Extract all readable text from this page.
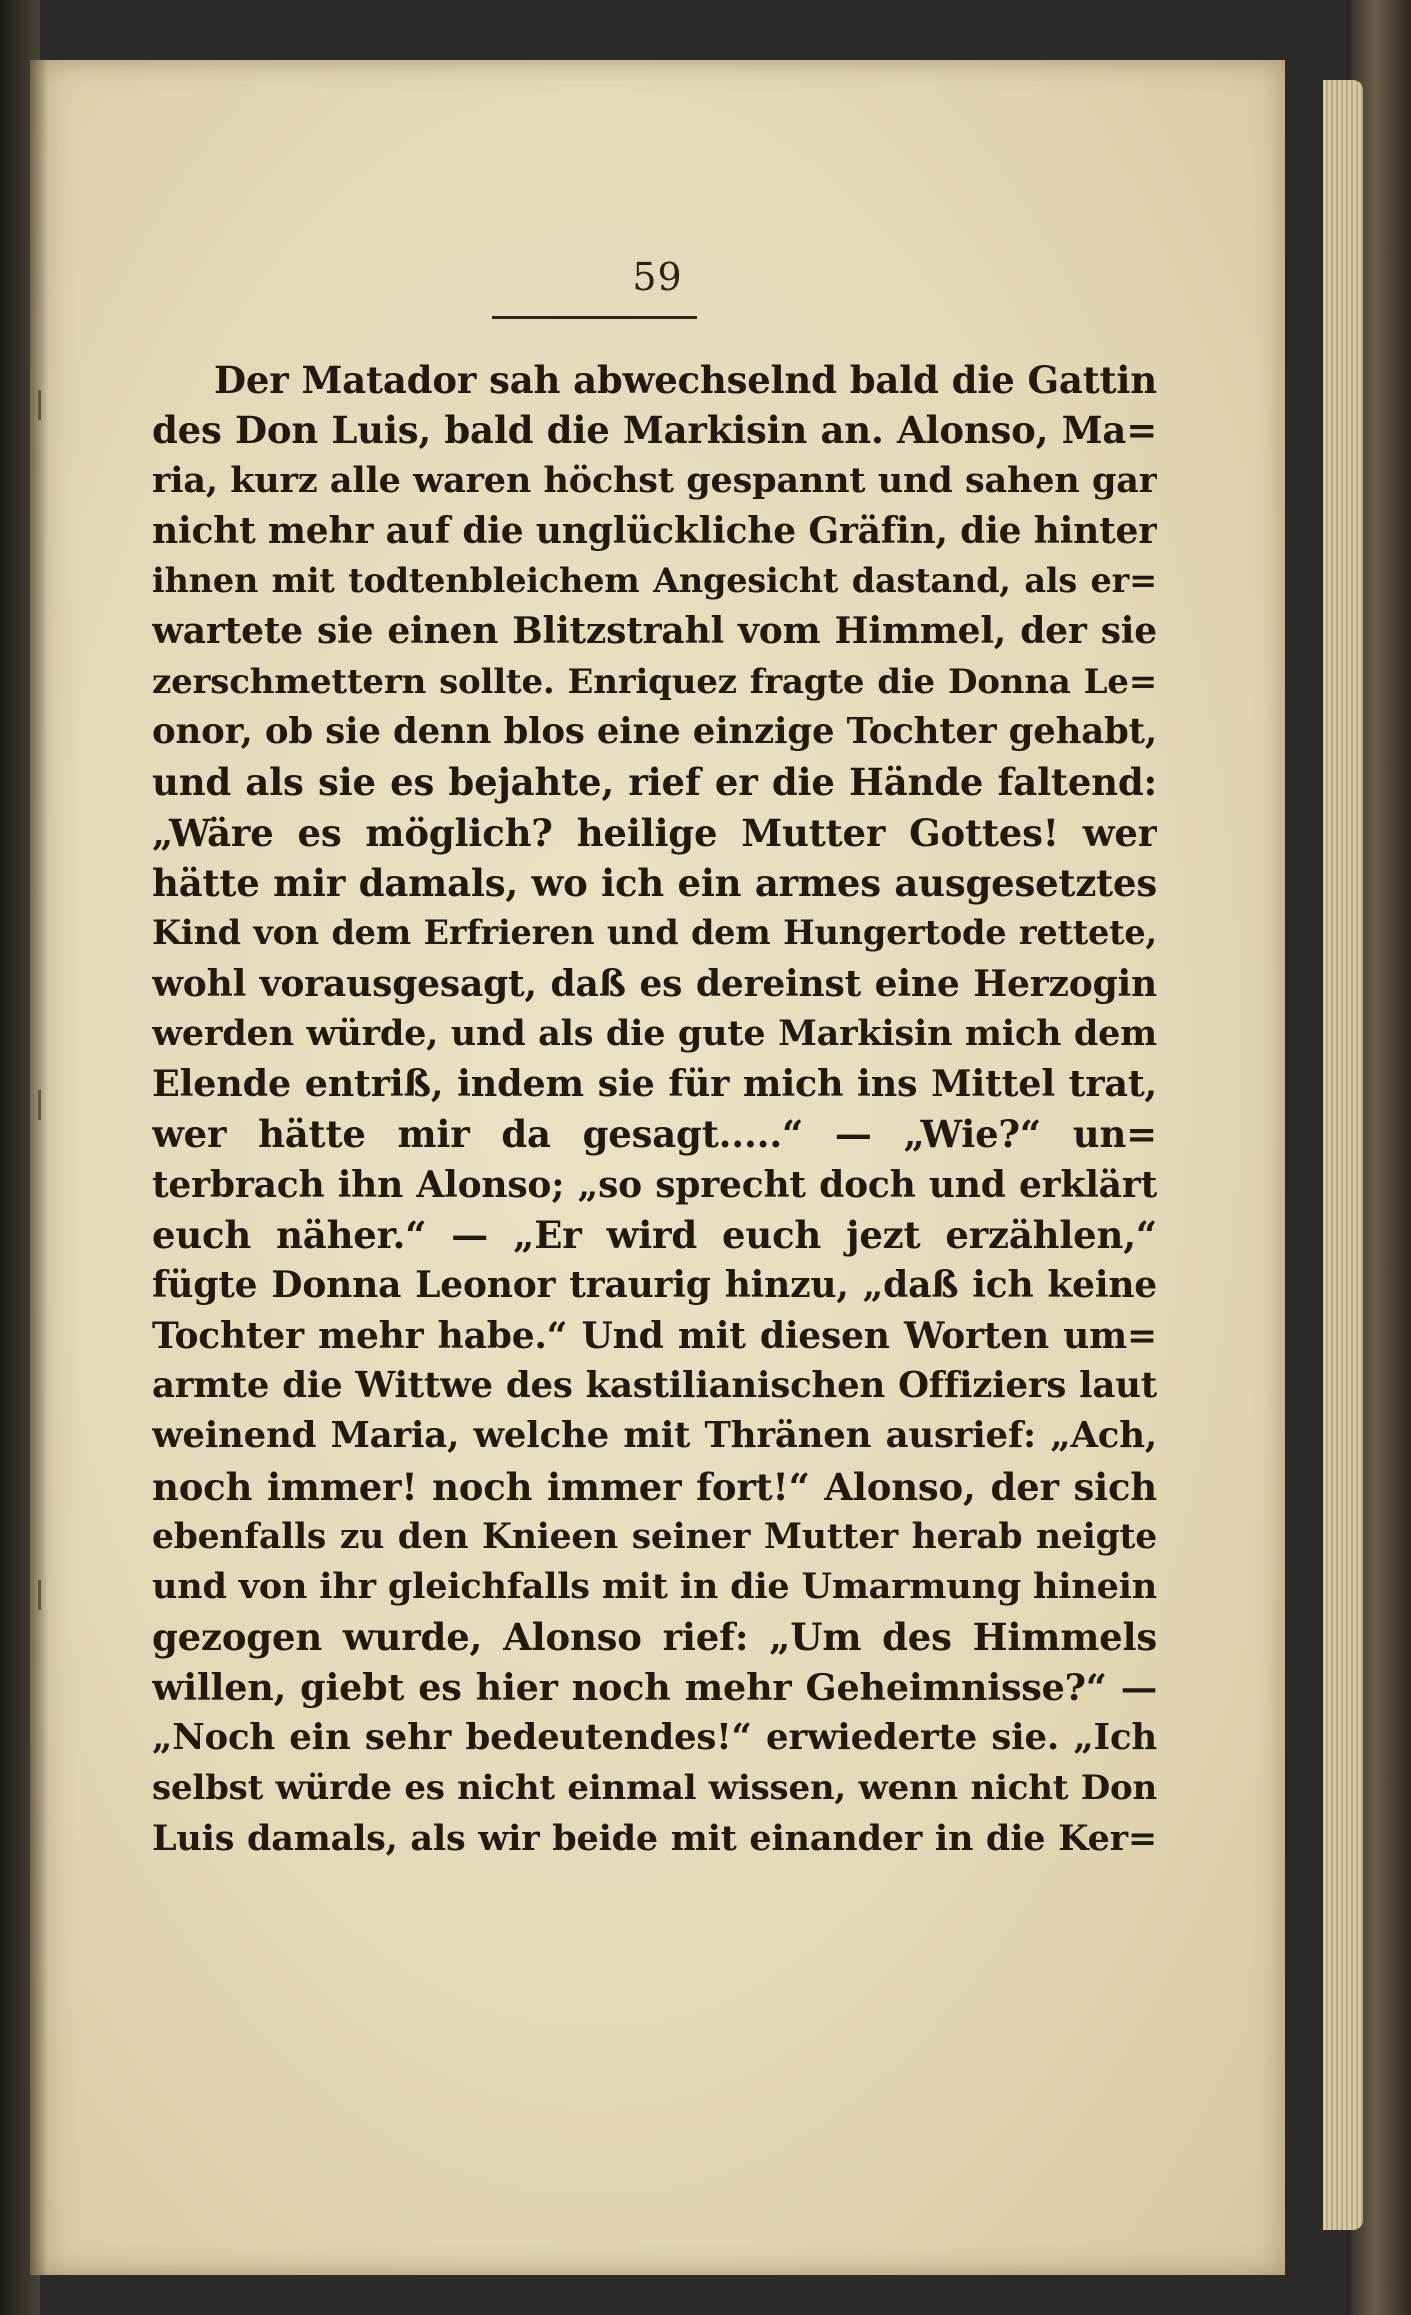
59
Der Matador sah abwechselnd bald die Gattin
des Don Luis, bald die Markisin an. Alonso, Ma=
ria, kurz alle waren höchst gespannt und sahen gar
nicht mehr auf die unglückliche Gräfin, die hinter
ihnen mit todtenbleichem Angesicht dastand, als er=
wartete sie einen Blitzstrahl vom Himmel, der sie
zerschmettern sollte. Enriquez fragte die Donna Le=
onor, ob sie denn blos eine einzige Tochter gehabt,
und als sie es bejahte, rief er die Hände faltend:
„Wäre es möglich? heilige Mutter Gottes! wer
hätte mir damals, wo ich ein armes ausgesetztes
Kind von dem Erfrieren und dem Hungertode rettete,
wohl vorausgesagt, daß es dereinst eine Herzogin
werden würde, und als die gute Markisin mich dem
Elende entriß, indem sie für mich ins Mittel trat,
wer hätte mir da gesagt.....“ — „Wie?“ un=
terbrach ihn Alonso; „so sprecht doch und erklärt
euch näher.“ — „Er wird euch jezt erzählen,“
fügte Donna Leonor traurig hinzu, „daß ich keine
Tochter mehr habe.“ Und mit diesen Worten um=
armte die Wittwe des kastilianischen Offiziers laut
weinend Maria, welche mit Thränen ausrief: „Ach,
noch immer! noch immer fort!“ Alonso, der sich
ebenfalls zu den Knieen seiner Mutter herab neigte
und von ihr gleichfalls mit in die Umarmung hinein
gezogen wurde, Alonso rief: „Um des Himmels
willen, giebt es hier noch mehr Geheimnisse?“ —
„Noch ein sehr bedeutendes!“ erwiederte sie. „Ich
selbst würde es nicht einmal wissen, wenn nicht Don
Luis damals, als wir beide mit einander in die Ker=
